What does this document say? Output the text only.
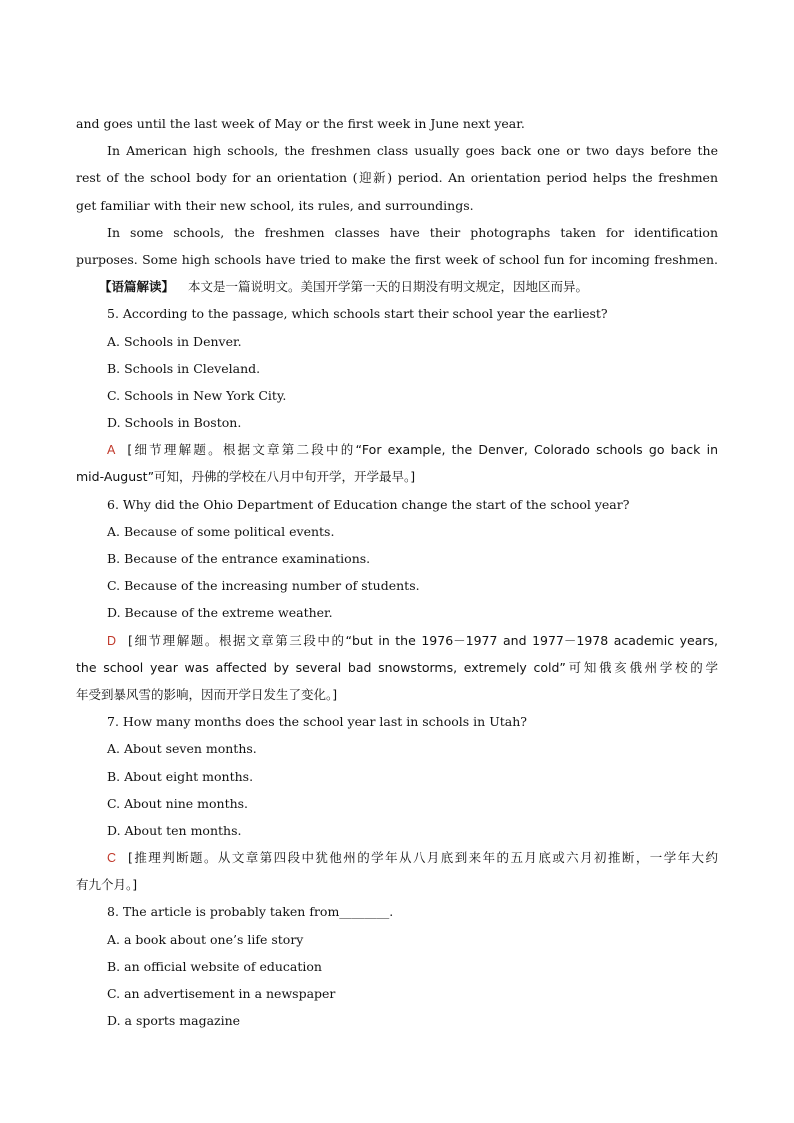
and goes until the last week of May or the first week in June next year.
In American high schools, the freshmen class usually goes back one or two days before the
rest of the school body for an orientation (迎新) period. An orientation period helps the freshmen
get familiar with their new school, its rules, and surroundings.
In some schools, the freshmen classes have their photographs taken for identification
purposes. Some high schools have tried to make the first week of school fun for incoming freshmen.
【语篇解读】 本文是一篇说明文。美国开学第一天的日期没有明文规定，因地区而异。
5. According to the passage, which schools start their school year the earliest?
A. Schools in Denver.
B. Schools in Cleveland.
C. Schools in New York City.
D. Schools in Boston.
A [细节理解题。根据文章第二段中的“For example, the Denver, Colorado schools go back in
mid-August”可知，丹佛的学校在八月中旬开学，开学最早。]
6. Why did the Ohio Department of Education change the start of the school year?
A. Because of some political events.
B. Because of the entrance examinations.
C. Because of the increasing number of students.
D. Because of the extreme weather.
D [细节理解题。根据文章第三段中的“but in the 1976－1977 and 1977－1978 academic years,
the school year was affected by several bad snowstorms, extremely cold”可知俄亥俄州学校的学
年受到暴风雪的影响，因而开学日发生了变化。]
7. How many months does the school year last in schools in Utah?
A. About seven months.
B. About eight months.
C. About nine months.
D. About ten months.
C [推理判断题。从文章第四段中犹他州的学年从八月底到来年的五月底或六月初推断，一学年大约
有九个月。]
8. The article is probably taken from________.
A. a book about one’s life story
B. an official website of education
C. an advertisement in a newspaper
D. a sports magazine
